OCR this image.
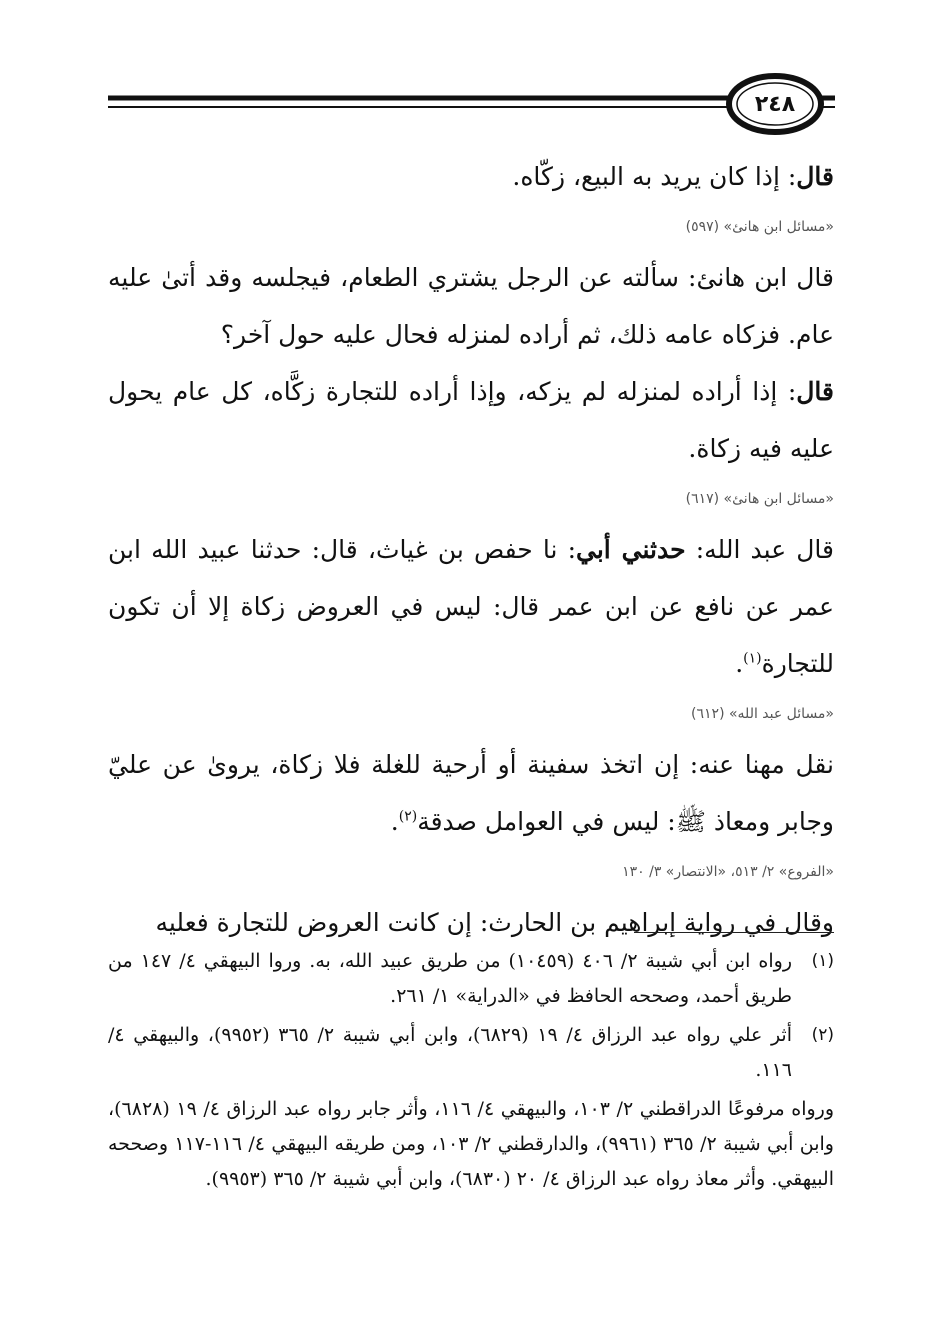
٢٤٨

قال: إذا كان يريد به البيع، زكّاه.

«مسائل ابن هانئ» (٥٩٧)

قال ابن هانئ: سألته عن الرجل يشتري الطعام، فيجلسه وقد أتىٰ عليه عام. فزكاه عامه ذلك، ثم أراده لمنزله فحال عليه حول آخر؟

قال: إذا أراده لمنزله لم يزكه، وإذا أراده للتجارة زكَّاه، كل عام يحول عليه فيه زكاة.

«مسائل ابن هانئ» (٦١٧)

قال عبد الله: حدثني أبي: نا حفص بن غياث، قال: حدثنا عبيد الله ابن عمر عن نافع عن ابن عمر قال: ليس في العروض زكاة إلا أن تكون للتجارة$^{(١)}$.

«مسائل عبد الله» (٦١٢)

نقل مهنا عنه: إن اتخذ سفينة أو أرحية للغلة فلا زكاة، يروىٰ عن عليّ وجابر ومعاذ ﷺ: ليس في العوامل صدقة$^{(٢)}$.

«الفروع» ٢/ ٥١٣، «الانتصار» ٣/ ١٣٠

وقال في رواية إبراهيم بن الحارث: إن كانت العروض للتجارة فعليه

(١)
رواه ابن أبي شيبة ٢/ ٤٠٦ (١٠٤٥٩) من طريق عبيد الله، به. وروا البيهقي ٤/ ١٤٧ من طريق أحمد، وصححه الحافظ في «الدراية» ١/ ٢٦١.
(٢)
أثر علي رواه عبد الرزاق ٤/ ١٩ (٦٨٢٩)، وابن أبي شيبة ٢/ ٣٦٥ (٩٩٥٢)، والبيهقي ٤/ ١١٦.

ورواه مرفوعًا الدراقطني ٢/ ١٠٣، والبيهقي ٤/ ١١٦، وأثر جابر رواه عبد الرزاق ٤/ ١٩ (٦٨٢٨)، وابن أبي شيبة ٢/ ٣٦٥ (٩٩٦١)، والدارقطني ٢/ ١٠٣، ومن طريقه البيهقي ٤/ ١١٦-١١٧ وصححه البيهقي. وأثر معاذ رواه عبد الرزاق ٤/ ٢٠ (٦٨٣٠)، وابن أبي شيبة ٢/ ٣٦٥ (٩٩٥٣).
